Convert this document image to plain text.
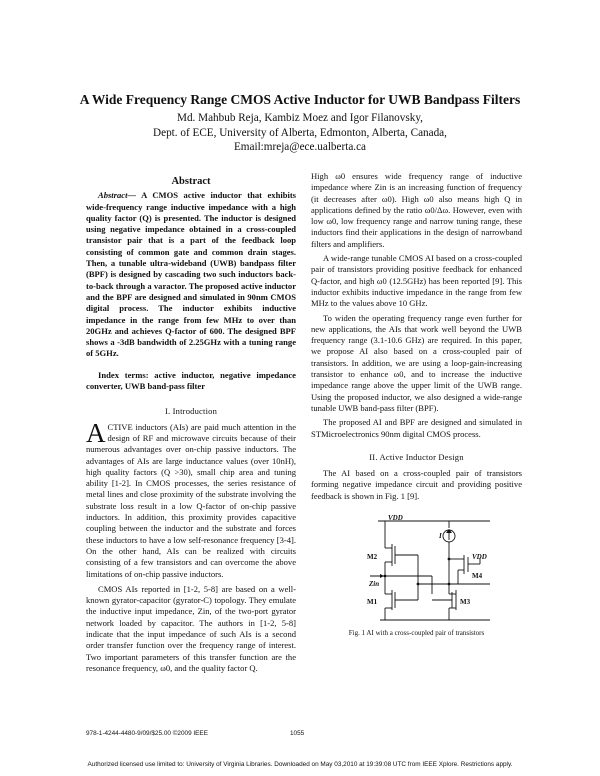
A Wide Frequency Range CMOS Active Inductor for UWB Bandpass Filters
Md. Mahbub Reja, Kambiz Moez and Igor Filanovsky,
Dept. of ECE, University of Alberta, Edmonton, Alberta, Canada,
Email:mreja@ece.ualberta.ca
Abstract

Abstract— A CMOS active inductor that exhibits wide-frequency range inductive impedance with a high quality factor (Q) is presented. The inductor is designed using negative impedance obtained in a cross-coupled transistor pair that is a part of the feedback loop consisting of common gate and common drain stages. Then, a tunable ultra-wideband (UWB) bandpass filter (BPF) is designed by cascading two such inductors back-to-back through a varactor. The proposed active inductor and the BPF are designed and simulated in 90nm CMOS digital process. The inductor exhibits inductive impedance in the range from few MHz to over than 20GHz and achieves Q-factor of 600. The designed BPF shows a -3dB bandwidth of 2.25GHz with a tuning range of 5GHz.

Index terms: active inductor, negative impedance converter, UWB band-pass filter

I. Introduction

ACTIVE inductors (AIs) are paid much attention in the design of RF and microwave circuits because of their numerous advantages over on-chip passive inductors. The advantages of AIs are large inductance values (over 10nH), high quality factors (Q >30), small chip area and tuning ability [1-2]. In CMOS processes, the series resistance of metal lines and close proximity of the substrate involving the substrate loss result in a low Q-factor of on-chip passive inductors. In addition, this proximity provides capacitive coupling between the inductor and the substrate and forces these inductors to have a low self-resonance frequency [3-4]. On the other hand, AIs can be realized with circuits consisting of a few transistors and can overcome the above limitations of on-chip passive inductors.

CMOS AIs reported in [1-2, 5-8] are based on a well-known gyrator-capacitor (gyrator-C) topology. They emulate the inductive input impedance, Zin, of the two-port gyrator network loaded by capacitor. The authors in [1-2, 5-8] indicate that the input impedance of such AIs is a second order transfer function over the frequency range of interest. Two important parameters of this transfer function are the resonance frequency, ω0, and the quality factor Q.

High ω0 ensures wide frequency range of inductive impedance where Zin is an increasing function of frequency (it decreases after ω0). High ω0 also means high Q in applications defined by the ratio ω0/Δω. However, even with low ω0, low frequency range and narrow tuning range, these inductors find their applications in the design of narrowband filters and amplifiers.

A wide-range tunable CMOS AI based on a cross-coupled pair of transistors providing positive feedback for enhanced Q-factor, and high ω0 (12.5GHz) has been reported [9]. This inductor exhibits inductive impedance in the range from few MHz to the values above 10 GHz.

To widen the operating frequency range even further for new applications, the AIs that work well beyond the UWB frequency range (3.1-10.6 GHz) are required. In this paper, we propose AI also based on a cross-coupled pair of transistors. In addition, we are using a loop-gain-increasing transistor to enhance ω0, and to increase the inductive impedance range above the upper limit of the UWB range. Using the proposed inductor, we also designed a wide-range tunable UWB band-pass filter (BPF).

The proposed AI and BPF are designed and simulated in STMicroelectronics 90nm digital CMOS process.

II. Active Inductor Design

The AI based on a cross-coupled pair of transistors forming negative impedance circuit and providing positive feedback is shown in Fig. 1 [9].

VDD
I
VDD
M2
M4
M1	M3
Zin
Fig. 1 AI with a cross-coupled pair of transistors
978-1-4244-4480-9/09/$25.00 ©2009 IEEE	1055
Authorized licensed use limited to: University of Virginia Libraries. Downloaded on May 03,2010 at 19:39:08 UTC from IEEE Xplore. Restrictions apply.
